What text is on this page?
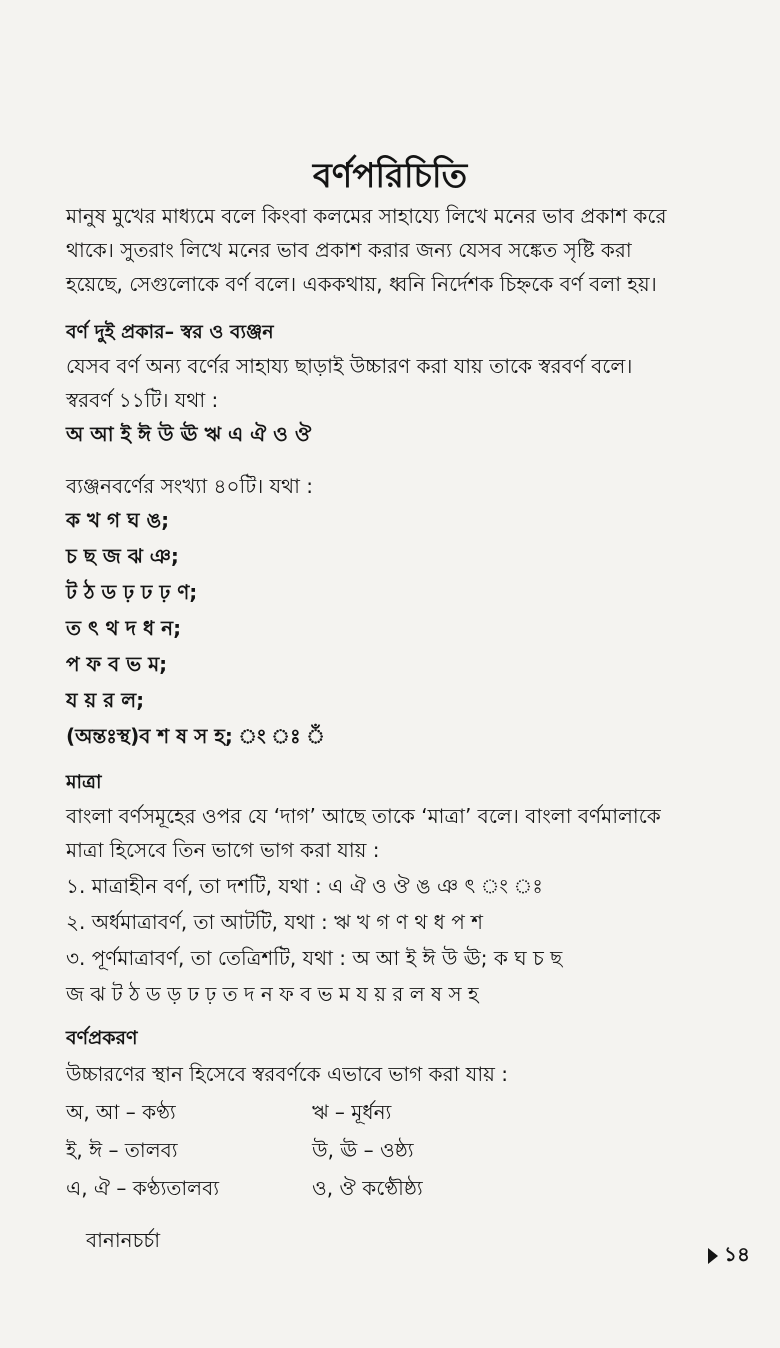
বর্ণপরিচিতি
মানুষ মুখের মাধ্যমে বলে কিংবা কলমের সাহায্যে লিখে মনের ভাব প্রকাশ করে
থাকে। সুতরাং লিখে মনের ভাব প্রকাশ করার জন্য যেসব সঙ্কেত সৃষ্টি করা
হয়েছে, সেগুলোকে বর্ণ বলে। এককথায়, ধ্বনি নির্দেশক চিহ্নকে বর্ণ বলা হয়।
বর্ণ দুই প্রকার– স্বর ও ব্যঞ্জন
যেসব বর্ণ অন্য বর্ণের সাহায্য ছাড়াই উচ্চারণ করা যায় তাকে স্বরবর্ণ বলে।
স্বরবর্ণ ১১টি। যথা :
অ আ ই ঈ উ ঊ ঋ এ ঐ ও ঔ
ব্যঞ্জনবর্ণের সংখ্যা ৪০টি। যথা :
ক খ গ ঘ ঙ;
চ ছ জ ঝ ঞ;
ট ঠ ড ঢ় ঢ ঢ় ণ;
ত ৎ থ দ ধ ন;
প ফ ব ভ ম;
য য় র ল;
(অন্তঃস্থ)ব শ ষ স হ; ং ঃ ঁ
মাত্রা
বাংলা বর্ণসমূহের ওপর যে ‘দাগ’ আছে তাকে ‘মাত্রা’ বলে। বাংলা বর্ণমালাকে
মাত্রা হিসেবে তিন ভাগে ভাগ করা যায় :
১. মাত্রাহীন বর্ণ, তা দশটি, যথা : এ ঐ ও ঔ ঙ ঞ ৎ ং ঃ
২. অর্ধমাত্রাবর্ণ, তা আটটি, যথা : ঋ খ গ ণ থ ধ প শ
৩. পূর্ণমাত্রাবর্ণ, তা তেত্রিশটি, যথা : অ আ ই ঈ উ ঊ; ক ঘ চ ছ
জ ঝ ট ঠ ড ড় ঢ ঢ় ত দ ন ফ ব ভ ম য য় র ল ষ স হ
বর্ণপ্রকরণ
উচ্চারণের স্থান হিসেবে স্বরবর্ণকে এভাবে ভাগ করা যায় :
অ, আ – কণ্ঠ্য	ঋ – মূর্ধন্য
ই, ঈ – তালব্য	উ, ঊ – ওষ্ঠ্য
এ, ঐ – কণ্ঠ্যতালব্য	ও, ঔ কণ্ঠৌষ্ঠ্য
বানানচর্চা
১৪
